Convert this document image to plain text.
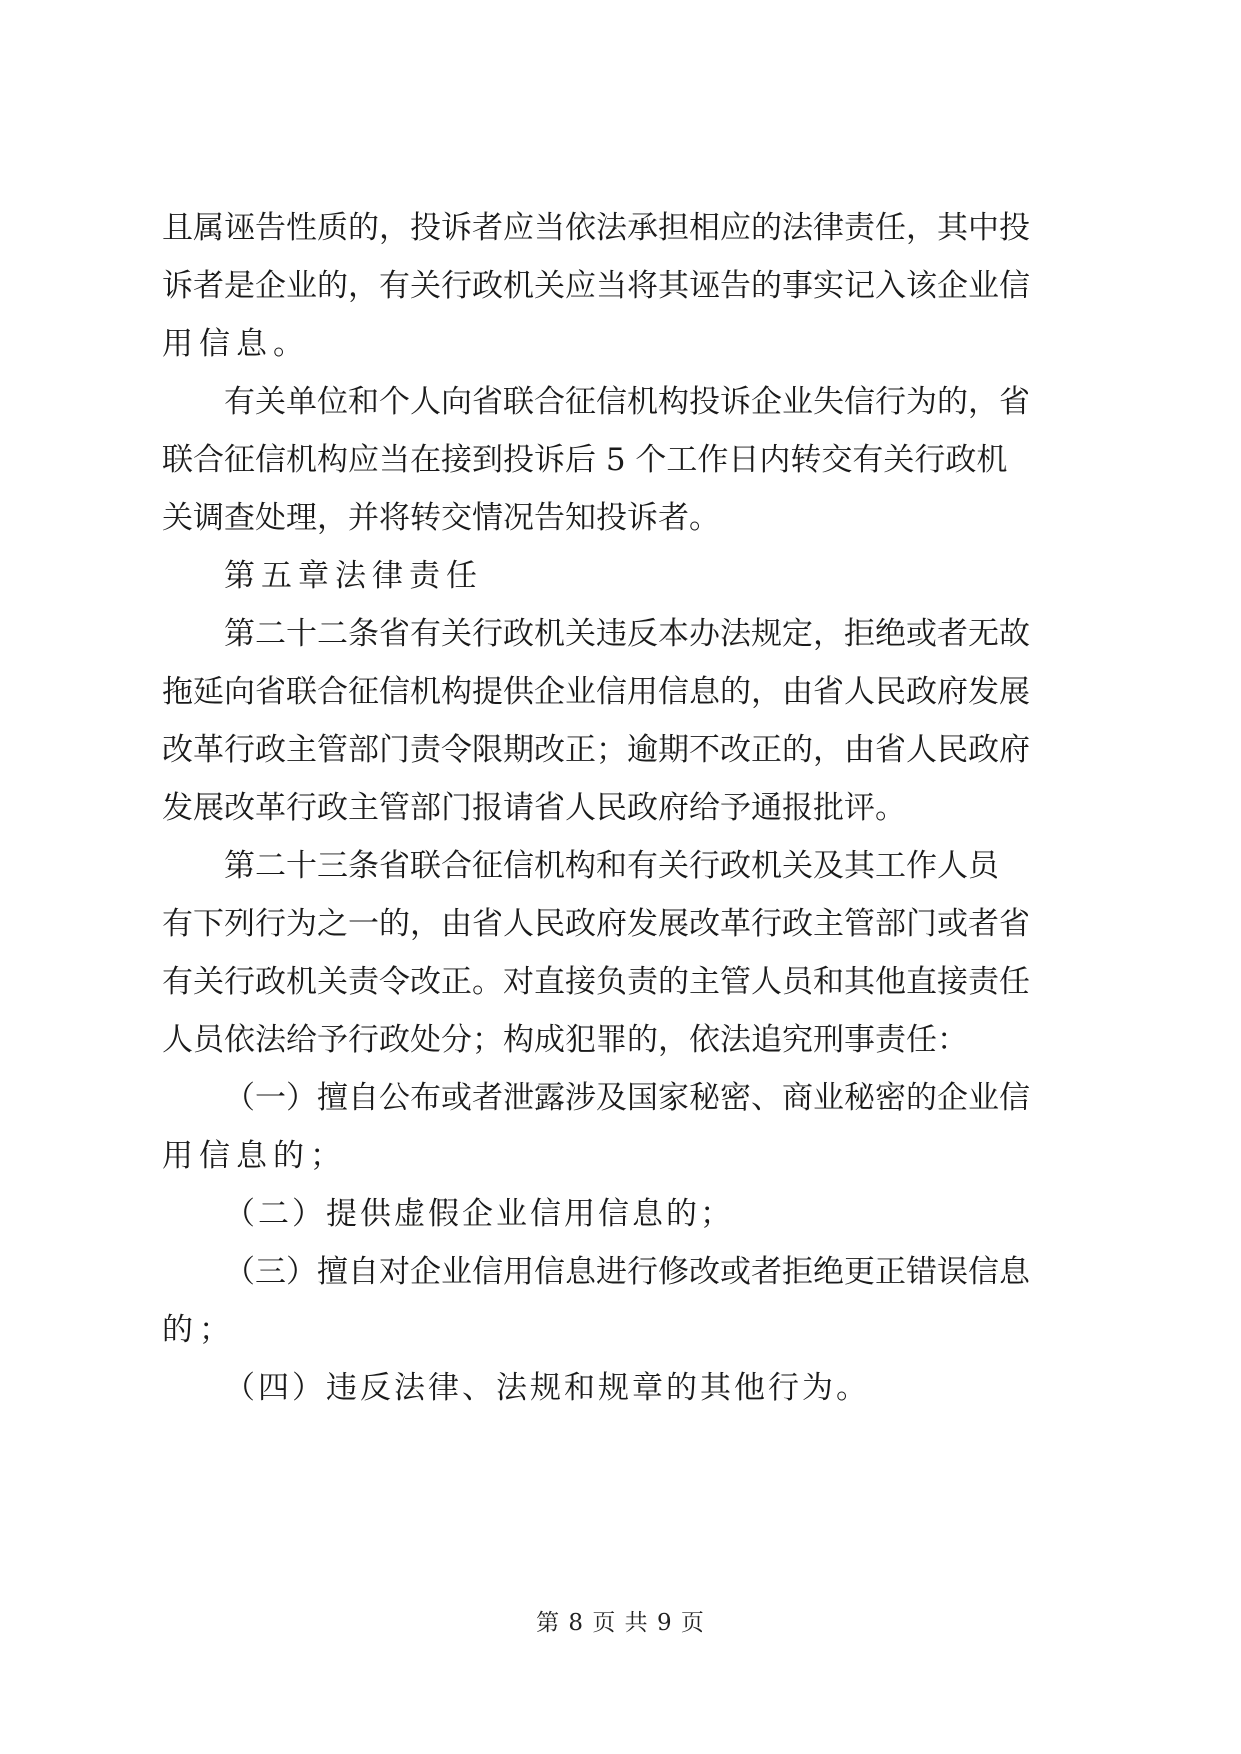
且属诬告性质的，投诉者应当依法承担相应的法律责任，其中投
诉者是企业的，有关行政机关应当将其诬告的事实记入该企业信
用信息。
有关单位和个人向省联合征信机构投诉企业失信行为的，省
联合征信机构应当在接到投诉后 5 个工作日内转交有关行政机
关调查处理，并将转交情况告知投诉者。
第五章法律责任
第二十二条省有关行政机关违反本办法规定，拒绝或者无故
拖延向省联合征信机构提供企业信用信息的，由省人民政府发展
改革行政主管部门责令限期改正；逾期不改正的，由省人民政府
发展改革行政主管部门报请省人民政府给予通报批评。
第二十三条省联合征信机构和有关行政机关及其工作人员
有下列行为之一的，由省人民政府发展改革行政主管部门或者省
有关行政机关责令改正。对直接负责的主管人员和其他直接责任
人员依法给予行政处分；构成犯罪的，依法追究刑事责任：
（一）擅自公布或者泄露涉及国家秘密、商业秘密的企业信
用信息的；
（二）提供虚假企业信用信息的；
（三）擅自对企业信用信息进行修改或者拒绝更正错误信息
的；
（四）违反法律、法规和规章的其他行为。
第 8 页 共 9 页
